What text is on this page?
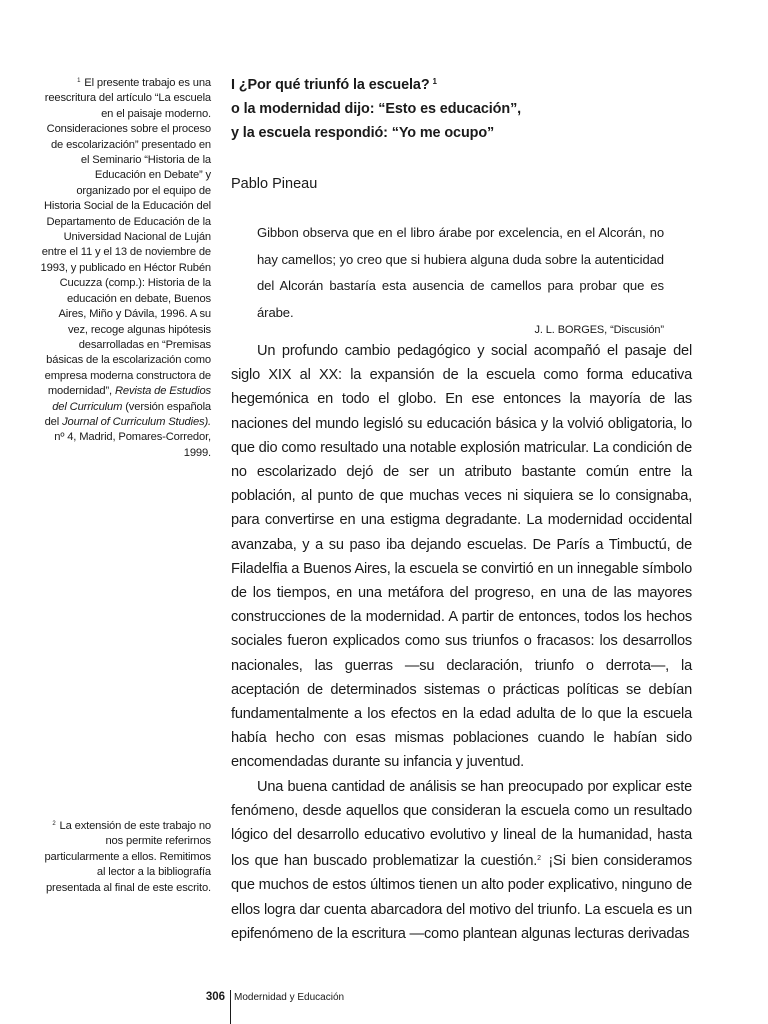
$^1$ El presente trabajo es una reescritura del artículo “La escuela en el paisaje moderno. Consideraciones sobre el proceso de escolarización” presentado en el Seminario “Historia de la Educación en Debate” y organizado por el equipo de Historia Social de la Educación del Departamento de Educación de la Universidad Nacional de Luján entre el 11 y el 13 de noviembre de 1993, y publicado en Héctor Rubén Cucuzza (comp.): Historia de la educación en debate, Buenos Aires, Miño y Dávila, 1996. A su vez, recoge algunas hipótesis desarrolladas en “Premisas básicas de la escolarización como empresa moderna constructora de modernidad”, Revista de Estudios del Curriculum (versión española del Journal of Curriculum Studies). nº 4, Madrid, Pomares-Corredor, 1999.

$^2$ La extensión de este trabajo no nos permite referirnos particularmente a ellos. Remitimos al lector a la bibliografía presentada al final de este escrito.

I ¿Por qué triunfó la escuela? $^1$
o la modernidad dijo: “Esto es educación”,
y la escuela respondió: “Yo me ocupo”
Pablo Pineau

Gibbon observa que en el libro árabe por excelencia, en el Alcorán, no hay camellos; yo creo que si hubiera alguna duda sobre la autenticidad del Alcorán bastaría esta ausencia de camellos para probar que es árabe.

J. L. BORGES, “Discusión”

Un profundo cambio pedagógico y social acompañó el pasaje del siglo XIX al XX: la expansión de la escuela como forma educativa hegemónica en todo el globo. En ese entonces la mayoría de las naciones del mundo legisló su educación básica y la volvió obligatoria, lo que dio como resultado una notable explosión matricular. La condición de no escolarizado dejó de ser un atributo bastante común entre la población, al punto de que muchas veces ni siquiera se lo consignaba, para convertirse en una estigma degradante. La modernidad occidental avanzaba, y a su paso iba dejando escuelas. De París a Timbuctú, de Filadelfia a Buenos Aires, la escuela se convirtió en un innegable símbolo de los tiempos, en una metáfora del progreso, en una de las mayores construcciones de la modernidad. A partir de entonces, todos los hechos sociales fueron explicados como sus triunfos o fracasos: los desarrollos nacionales, las guerras —su declaración, triunfo o derrota—, la aceptación de determinados sistemas o prácticas políticas se debían fundamentalmente a los efectos en la edad adulta de lo que la escuela había hecho con esas mismas poblaciones cuando le habían sido encomendadas durante su infancia y juventud.

Una buena cantidad de análisis se han preocupado por explicar este fenómeno, desde aquellos que consideran la escuela como un resultado lógico del desarrollo educativo evolutivo y lineal de la humanidad, hasta los que han buscado problematizar la cuestión.$^2$ ¡Si bien consideramos que muchos de estos últimos tienen un alto poder explicativo, ninguno de ellos logra dar cuenta abarcadora del motivo del triunfo. La escuela es un epifenómeno de la escritura —como plantean algunas lecturas derivadas

306 Modernidad y Educación
